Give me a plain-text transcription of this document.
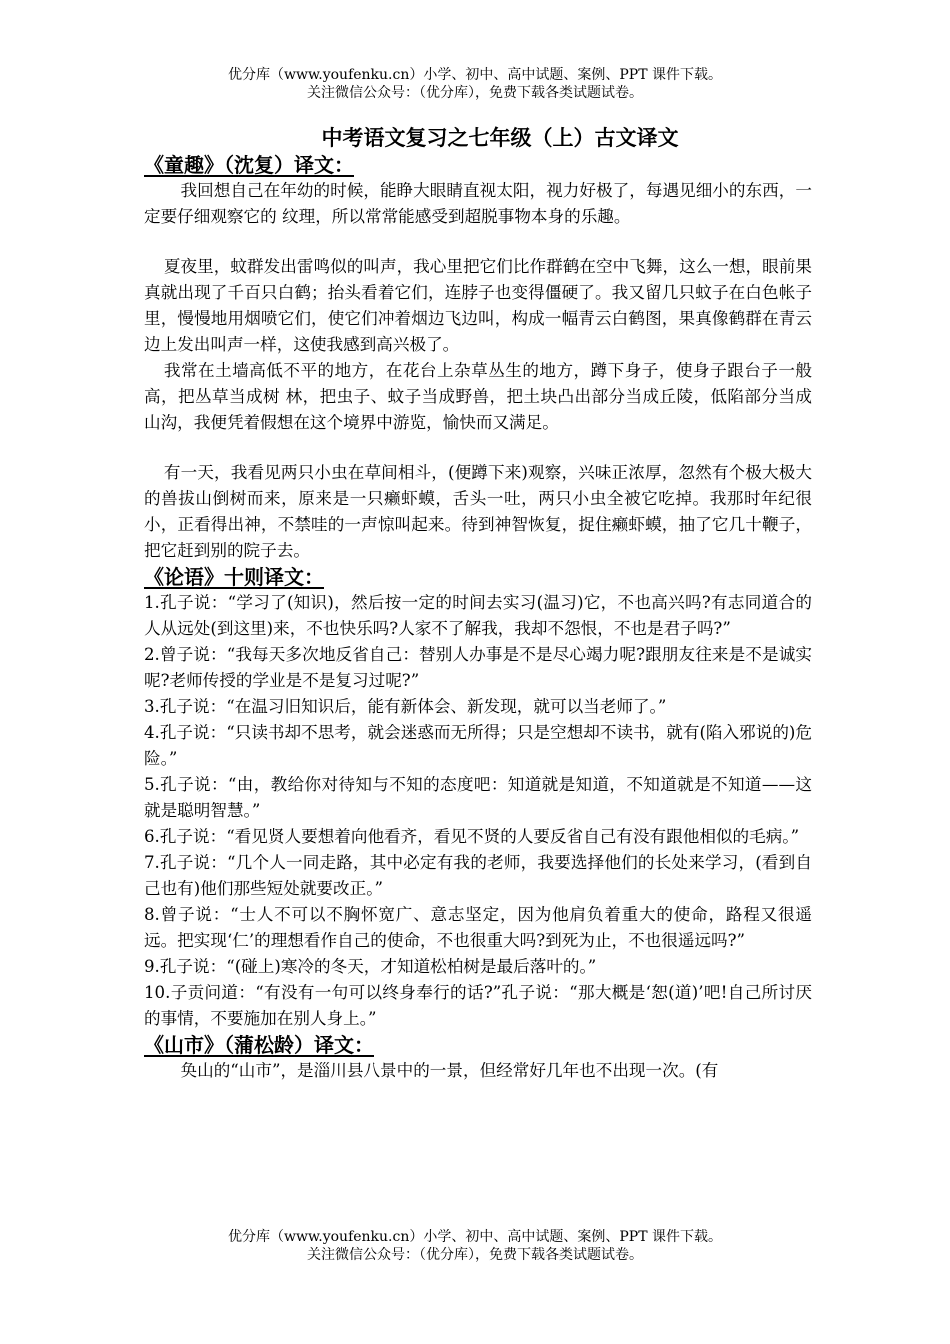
优分库（www.youfenku.cn）小学、初中、高中试题、案例、PPT 课件下载。
关注微信公众号：（优分库），免费下载各类试题试卷。
中考语文复习之七年级（上）古文译文
《童趣》（沈复）译文：

我回想自己在年幼的时候，能睁大眼睛直视太阳，视力好极了，每遇见细小的东西，一定要仔细观察它的 纹理，所以常常能感受到超脱事物本身的乐趣。

夏夜里，蚊群发出雷鸣似的叫声，我心里把它们比作群鹤在空中飞舞，这么一想，眼前果真就出现了千百只白鹤；抬头看着它们，连脖子也变得僵硬了。我又留几只蚊子在白色帐子里，慢慢地用烟喷它们，使它们冲着烟边飞边叫，构成一幅青云白鹤图，果真像鹤群在青云边上发出叫声一样，这使我感到高兴极了。

我常在土墙高低不平的地方，在花台上杂草丛生的地方，蹲下身子，使身子跟台子一般高，把丛草当成树 林，把虫子、蚊子当成野兽，把土块凸出部分当成丘陵，低陷部分当成山沟，我便凭着假想在这个境界中游览，愉快而又满足。

有一天，我看见两只小虫在草间相斗，(便蹲下来)观察，兴味正浓厚，忽然有个极大极大的兽拔山倒树而来，原来是一只癞虾蟆，舌头一吐，两只小虫全被它吃掉。我那时年纪很小，正看得出神，不禁哇的一声惊叫起来。待到神智恢复，捉住癞虾蟆，抽了它几十鞭子，把它赶到别的院子去。

《论语》十则译文：

1.孔子说：“学习了(知识)，然后按一定的时间去实习(温习)它，不也高兴吗?有志同道合的人从远处(到这里)来，不也快乐吗?人家不了解我，我却不怨恨，不也是君子吗?”

2.曾子说：“我每天多次地反省自己：替别人办事是不是尽心竭力呢?跟朋友往来是不是诚实呢?老师传授的学业是不是复习过呢?”

3.孔子说：“在温习旧知识后，能有新体会、新发现，就可以当老师了。”

4.孔子说：“只读书却不思考，就会迷惑而无所得；只是空想却不读书，就有(陷入邪说的)危险。”

5.孔子说：“由，教给你对待知与不知的态度吧：知道就是知道，不知道就是不知道——这就是聪明智慧。”

6.孔子说：“看见贤人要想着向他看齐，看见不贤的人要反省自己有没有跟他相似的毛病。”

7.孔子说：“几个人一同走路，其中必定有我的老师，我要选择他们的长处来学习，(看到自己也有)他们那些短处就要改正。”

8.曾子说：“士人不可以不胸怀宽广、意志坚定，因为他肩负着重大的使命，路程又很遥远。把实现‘仁’的理想看作自己的使命，不也很重大吗?到死为止，不也很遥远吗?”

9.孔子说：“(碰上)寒冷的冬天，才知道松柏树是最后落叶的。”

10.子贡问道：“有没有一句可以终身奉行的话?”孔子说：“那大概是‘恕(道)’吧!自己所讨厌的事情，不要施加在别人身上。”

《山市》（蒲松龄）译文：

奂山的“山市”，是淄川县八景中的一景，但经常好几年也不出现一次。(有

优分库（www.youfenku.cn）小学、初中、高中试题、案例、PPT 课件下载。
关注微信公众号：（优分库），免费下载各类试题试卷。
